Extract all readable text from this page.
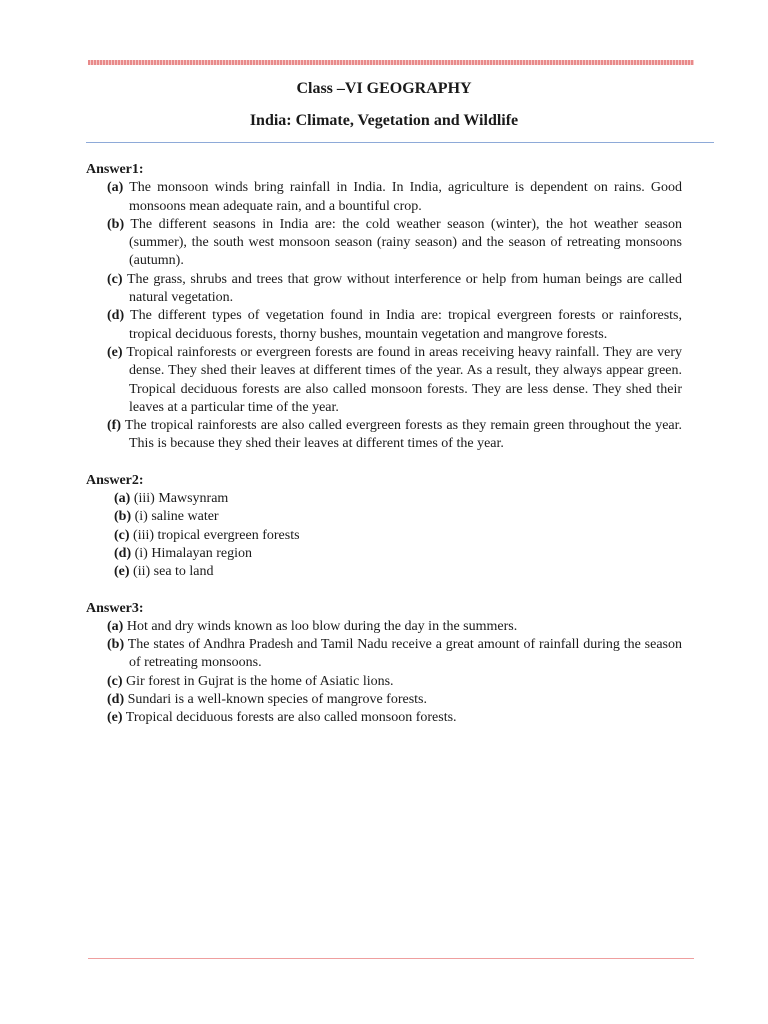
Class –VI GEOGRAPHY
India: Climate, Vegetation and Wildlife
Answer1:

(a) The monsoon winds bring rainfall in India. In India, agriculture is dependent on rains. Good monsoons mean adequate rain, and a bountiful crop.

(b) The different seasons in India are: the cold weather season (winter), the hot weather season (summer), the south west monsoon season (rainy season) and the season of retreating monsoons (autumn).

(c) The grass, shrubs and trees that grow without interference or help from human beings are called natural vegetation.

(d) The different types of vegetation found in India are: tropical evergreen forests or rainforests, tropical deciduous forests, thorny bushes, mountain vegetation and mangrove forests.

(e) Tropical rainforests or evergreen forests are found in areas receiving heavy rainfall. They are very dense. They shed their leaves at different times of the year. As a result, they always appear green. Tropical deciduous forests are also called monsoon forests. They are less dense. They shed their leaves at a particular time of the year.

(f) The tropical rainforests are also called evergreen forests as they remain green throughout the year. This is because they shed their leaves at different times of the year.

Answer2:

(a) (iii) Mawsynram

(b) (i) saline water

(c) (iii) tropical evergreen forests

(d) (i) Himalayan region

(e) (ii) sea to land

Answer3:

(a) Hot and dry winds known as loo blow during the day in the summers.

(b) The states of Andhra Pradesh and Tamil Nadu receive a great amount of rainfall during the season of retreating monsoons.

(c) Gir forest in Gujrat is the home of Asiatic lions.

(d) Sundari is a well-known species of mangrove forests.

(e) Tropical deciduous forests are also called monsoon forests.
